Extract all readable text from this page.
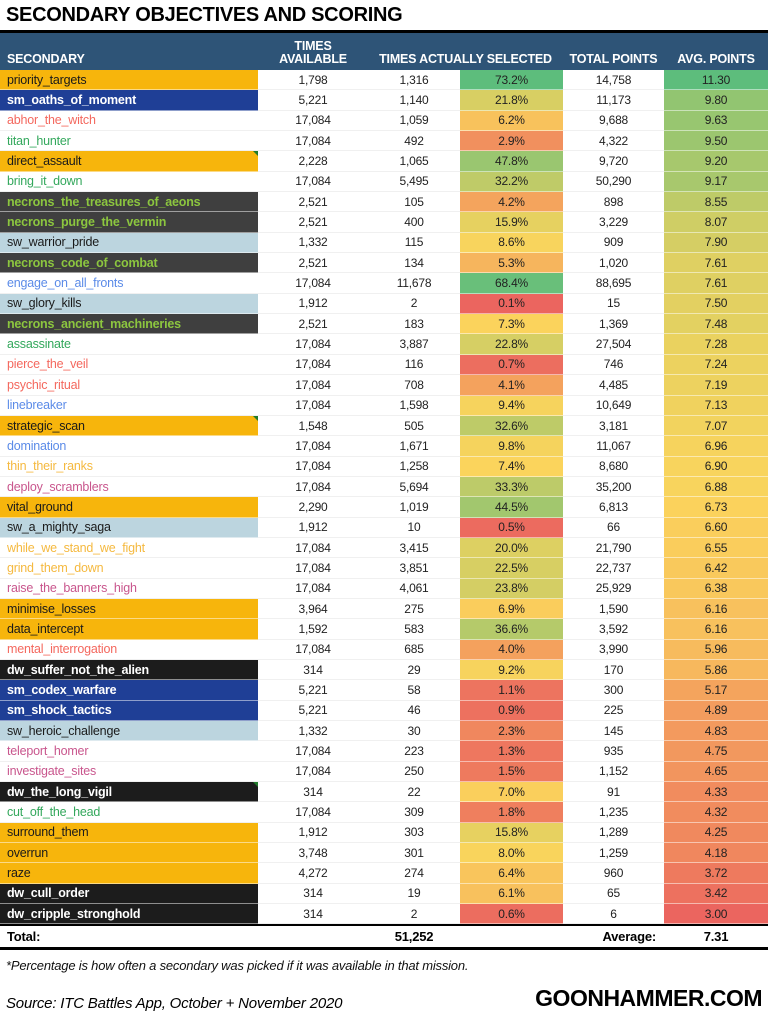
SECONDARY OBJECTIVES AND SCORING
SECONDARY
TIMES
AVAILABLE	TIMES ACTUALLY SELECTED	TOTAL POINTS	AVG. POINTS
priority_targets	1,798	1,316	73.2%	14,758	11.30
sm_oaths_of_moment	5,221	1,140	21.8%	11,173	9.80
abhor_the_witch	17,084	1,059	6.2%	9,688	9.63
titan_hunter	17,084	492	2.9%	4,322	9.50
direct_assault	2,228	1,065	47.8%	9,720	9.20
bring_it_down	17,084	5,495	32.2%	50,290	9.17
necrons_the_treasures_of_aeons	2,521	105	4.2%	898	8.55
necrons_purge_the_vermin	2,521	400	15.9%	3,229	8.07
sw_warrior_pride	1,332	115	8.6%	909	7.90
necrons_code_of_combat	2,521	134	5.3%	1,020	7.61
engage_on_all_fronts	17,084	11,678	68.4%	88,695	7.61
sw_glory_kills	1,912	2	0.1%	15	7.50
necrons_ancient_machineries	2,521	183	7.3%	1,369	7.48
assassinate	17,084	3,887	22.8%	27,504	7.28
pierce_the_veil	17,084	116	0.7%	746	7.24
psychic_ritual	17,084	708	4.1%	4,485	7.19
linebreaker	17,084	1,598	9.4%	10,649	7.13
strategic_scan	1,548	505	32.6%	3,181	7.07
domination	17,084	1,671	9.8%	11,067	6.96
thin_their_ranks	17,084	1,258	7.4%	8,680	6.90
deploy_scramblers	17,084	5,694	33.3%	35,200	6.88
vital_ground	2,290	1,019	44.5%	6,813	6.73
sw_a_mighty_saga	1,912	10	0.5%	66	6.60
while_we_stand_we_fight	17,084	3,415	20.0%	21,790	6.55
grind_them_down	17,084	3,851	22.5%	22,737	6.42
raise_the_banners_high	17,084	4,061	23.8%	25,929	6.38
minimise_losses	3,964	275	6.9%	1,590	6.16
data_intercept	1,592	583	36.6%	3,592	6.16
mental_interrogation	17,084	685	4.0%	3,990	5.96
dw_suffer_not_the_alien	314	29	9.2%	170	5.86
sm_codex_warfare	5,221	58	1.1%	300	5.17
sm_shock_tactics	5,221	46	0.9%	225	4.89
sw_heroic_challenge	1,332	30	2.3%	145	4.83
teleport_homer	17,084	223	1.3%	935	4.75
investigate_sites	17,084	250	1.5%	1,152	4.65
dw_the_long_vigil	314	22	7.0%	91	4.33
cut_off_the_head	17,084	309	1.8%	1,235	4.32
surround_them	1,912	303	15.8%	1,289	4.25
overrun	3,748	301	8.0%	1,259	4.18
raze	4,272	274	6.4%	960	3.72
dw_cull_order	314	19	6.1%	65	3.42
dw_cripple_stronghold	314	2	0.6%	6	3.00
Total:	51,252	Average:	7.31
*Percentage is how often a secondary was picked if it was available in that mission.
Source: ITC Battles App, October + November 2020	GOONHAMMER.COM
